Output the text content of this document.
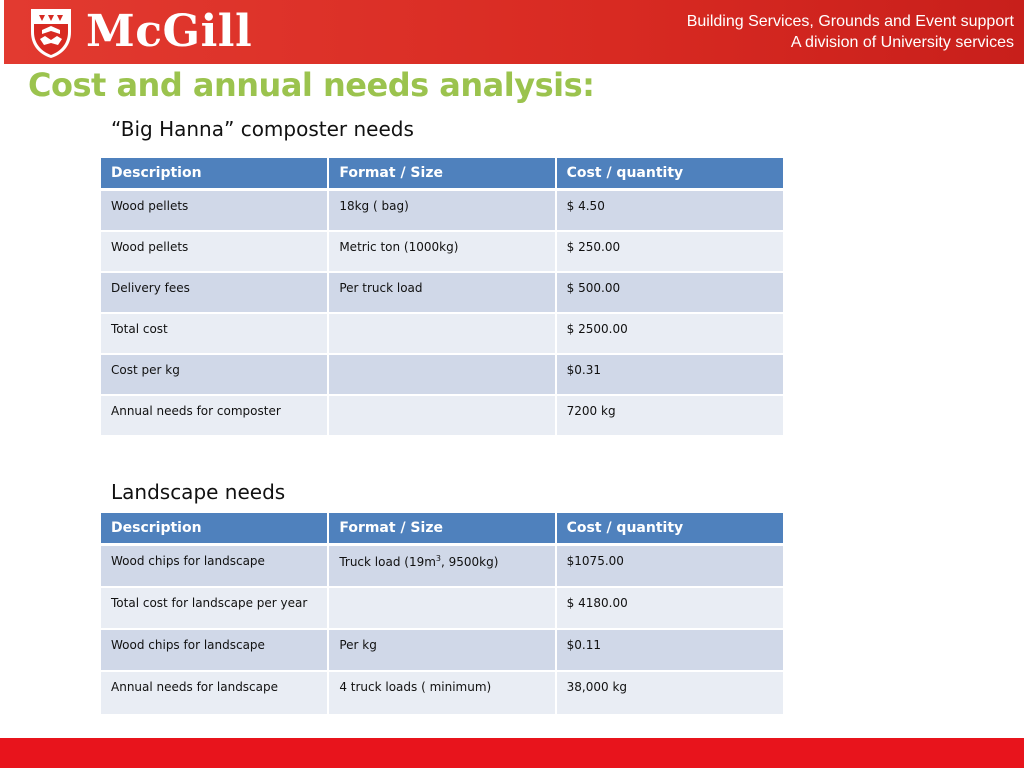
McGill	Building Services, Grounds and Event support
A division of University services
Cost and annual needs analysis:
“Big Hanna” composter needs
Description	Format / Size	Cost / quantity
Wood pellets	18kg ( bag)	$ 4.50
Wood pellets	Metric ton (1000kg)	$ 250.00
Delivery fees	Per truck load	$ 500.00
Total cost		$ 2500.00
Cost per kg		$0.31
Annual needs for composter		7200 kg
Landscape needs
Description	Format / Size	Cost / quantity
Wood chips for landscape	Truck load ($19m^3$, 9500kg)	$1075.00
Total cost for landscape per year		$ 4180.00
Wood chips for landscape	Per kg	$0.11
Annual needs for landscape	4 truck loads ( minimum)	38,000 kg
